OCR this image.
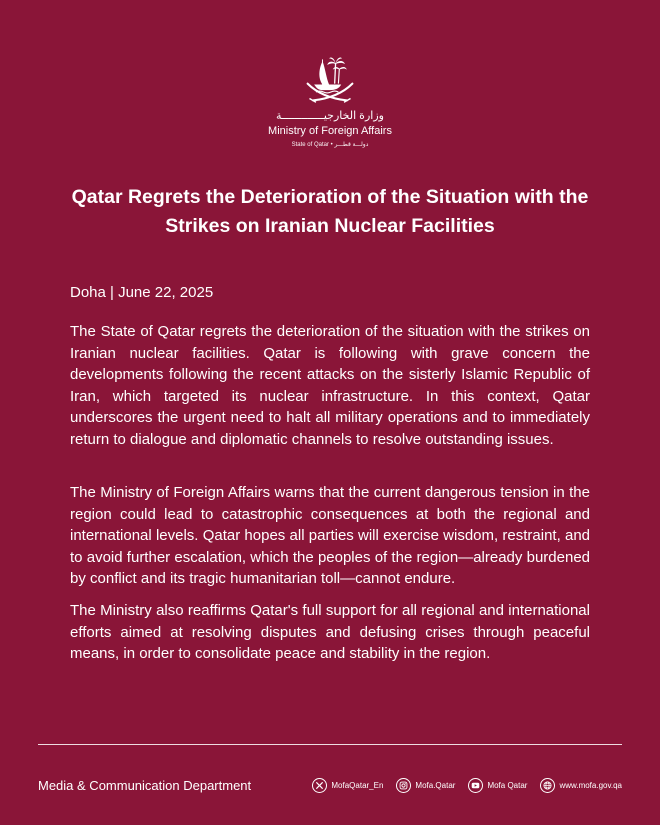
وزارة الخارجيـــــــــــــة
Ministry of Foreign Affairs
State of Qatar • دولـــة قطـــر
Qatar Regrets the Deterioration of the Situation with the Strikes on Iranian Nuclear Facilities
Doha | June 22, 2025

The State of Qatar regrets the deterioration of the situation with the strikes on Iranian nuclear facilities. Qatar is following with grave concern the developments following the recent attacks on the sisterly Islamic Republic of Iran, which targeted its nuclear infrastructure. In this context, Qatar underscores the urgent need to halt all military operations and to immediately return to dialogue and diplomatic channels to resolve outstanding issues.

The Ministry of Foreign Affairs warns that the current dangerous tension in the region could lead to catastrophic consequences at both the regional and international levels. Qatar hopes all parties will exercise wisdom, restraint, and to avoid further escalation, which the peoples of the region—already burdened by conflict and its tragic humanitarian toll—cannot endure.

The Ministry also reaffirms Qatar's full support for all regional and international efforts aimed at resolving disputes and defusing crises through peaceful means, in order to consolidate peace and stability in the region.

Media & Communication Department	MofaQatar_En	Mofa.Qatar	Mofa Qatar	www.mofa.gov.qa
